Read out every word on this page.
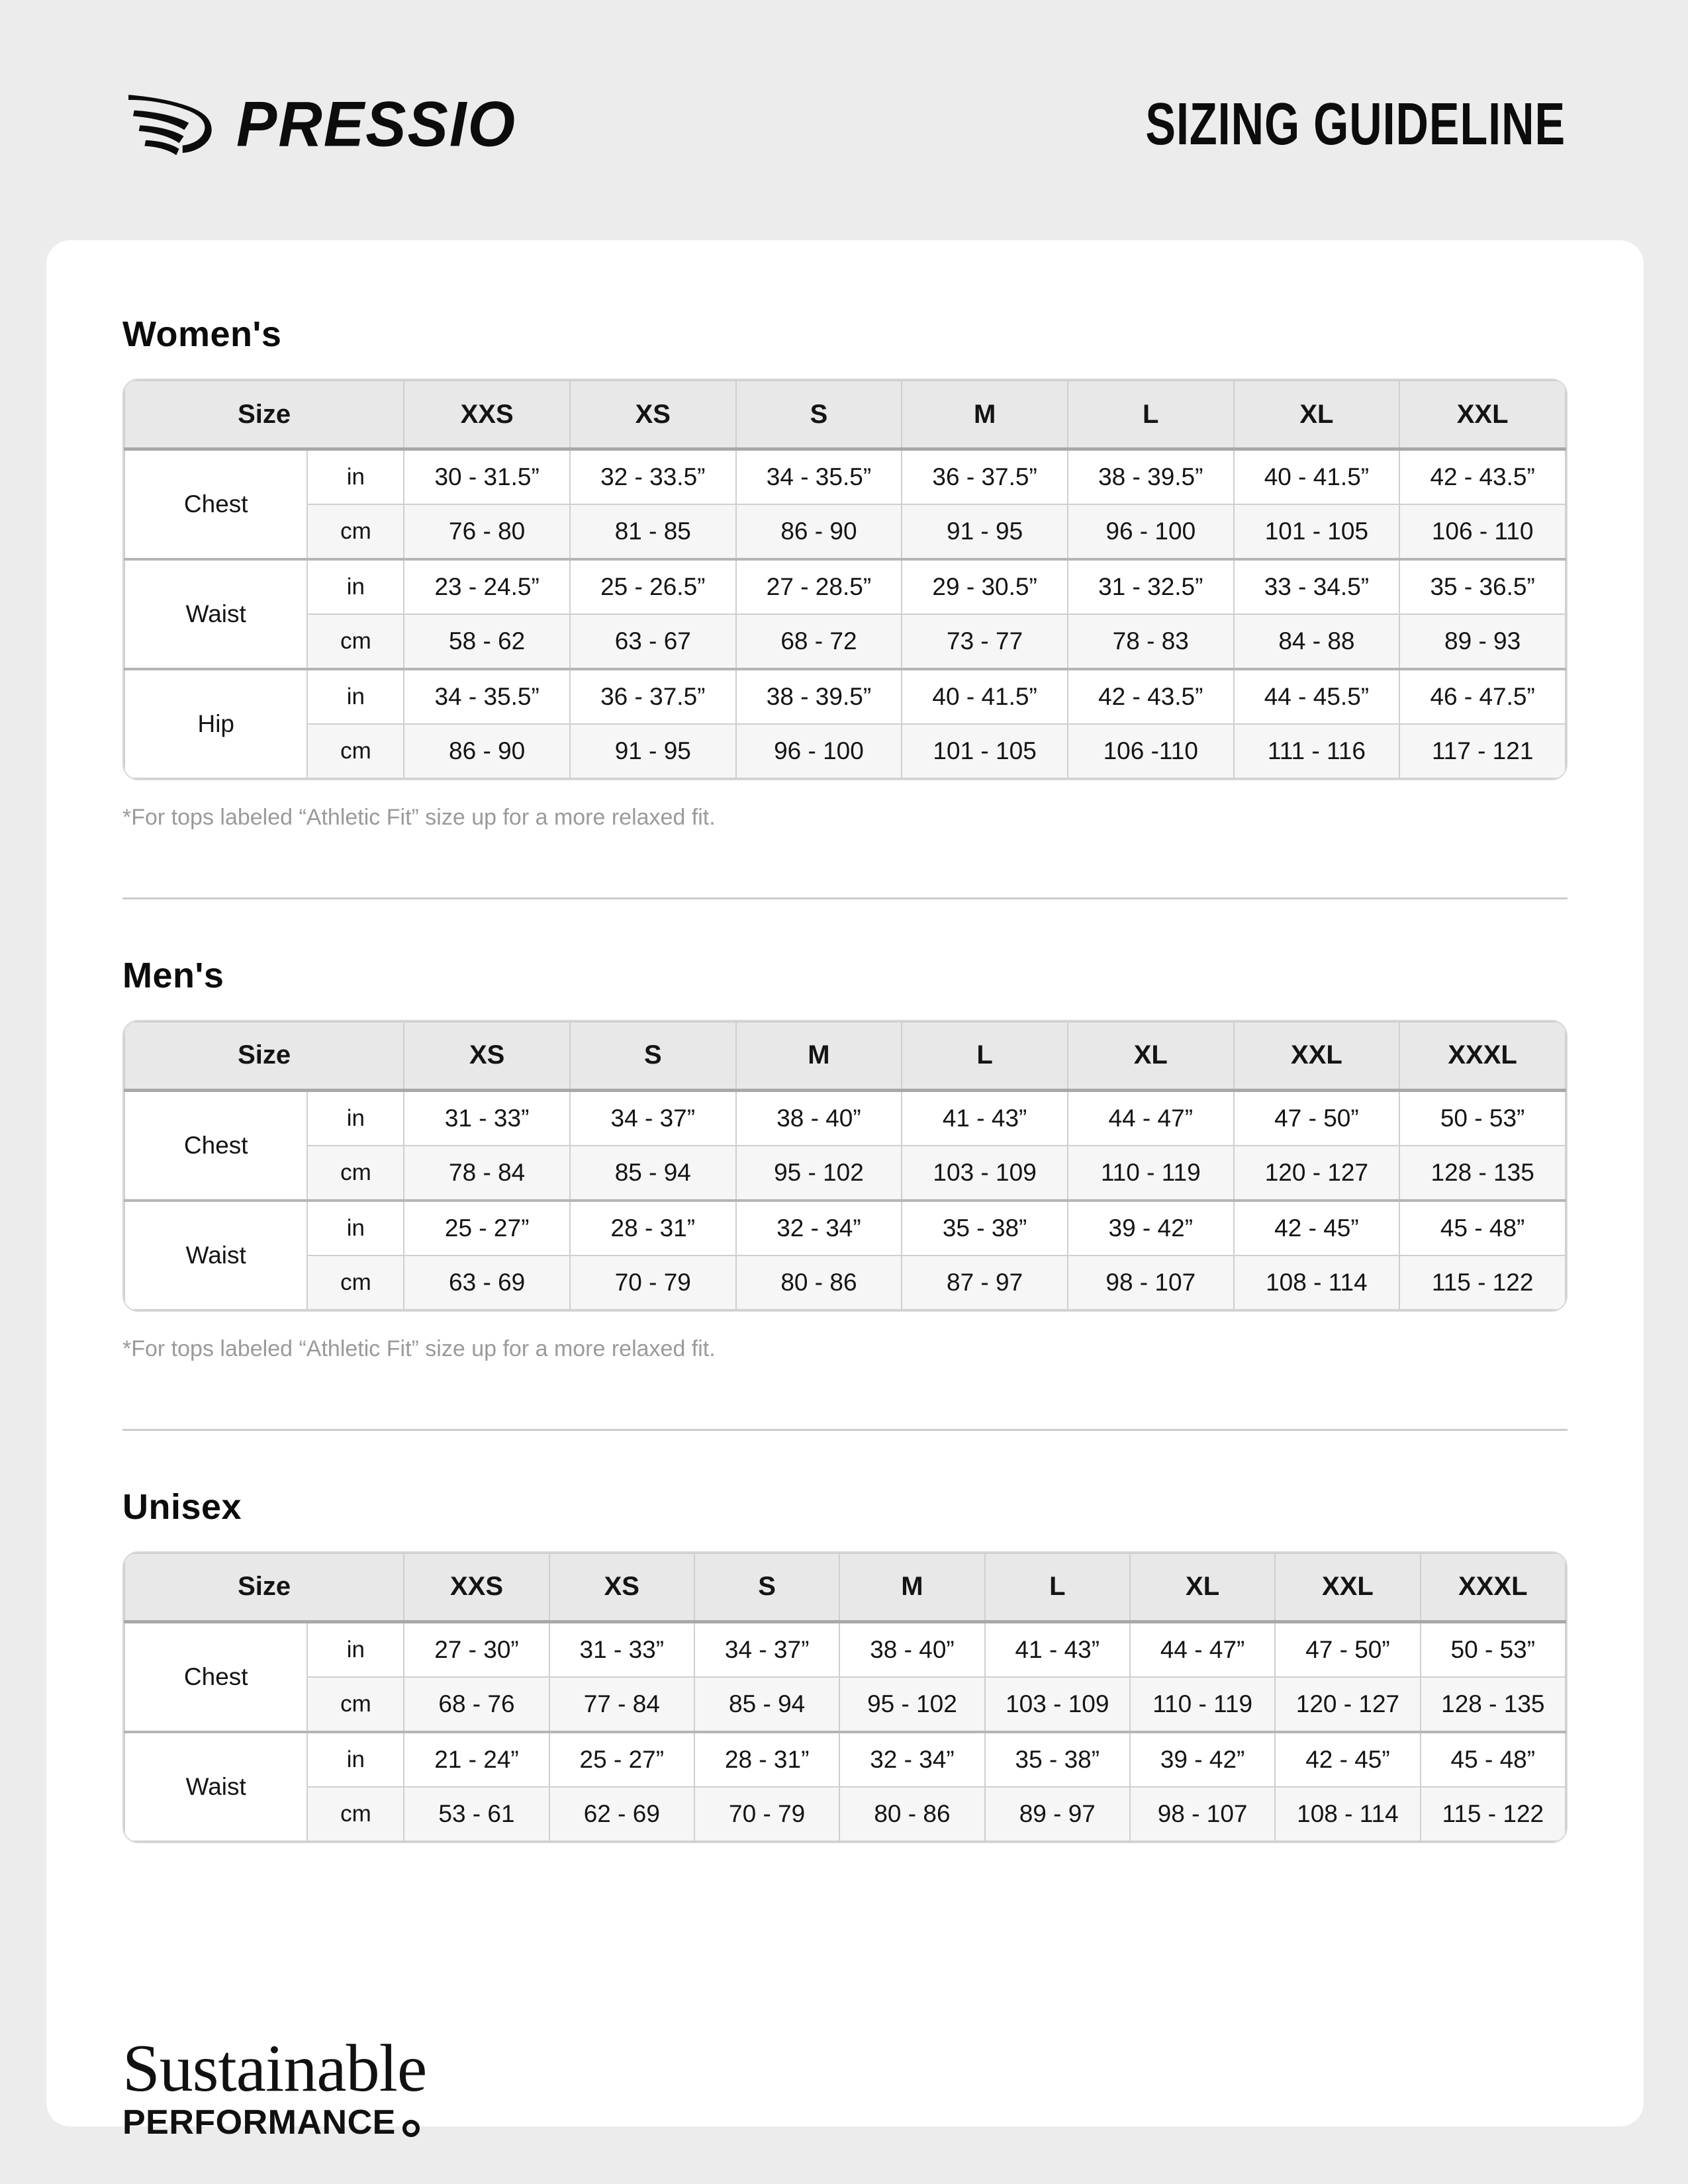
PRESSIO	SIZING GUIDELINE
Women's
Size		XXS	XS	S	M	L	XL	XXL
Chest	in	30 - 31.5”	32 - 33.5”	34 - 35.5”	36 - 37.5”	38 - 39.5”	40 - 41.5”	42 - 43.5”
	cm	76 - 80	81 - 85	86 - 90	91 - 95	96 - 100	101 - 105	106 - 110
Waist	in	23 - 24.5”	25 - 26.5”	27 - 28.5”	29 - 30.5”	31 - 32.5”	33 - 34.5”	35 - 36.5”
	cm	58 - 62	63 - 67	68 - 72	73 - 77	78 - 83	84 - 88	89 - 93
Hip	in	34 - 35.5”	36 - 37.5”	38 - 39.5”	40 - 41.5”	42 - 43.5”	44 - 45.5”	46 - 47.5”
	cm	86 - 90	91 - 95	96 - 100	101 - 105	106 -110	111 - 116	117 - 121

*For tops labeled “Athletic Fit” size up for a more relaxed fit.

Men's
Size		XS	S	M	L	XL	XXL	XXXL
Chest	in	31 - 33”	34 - 37”	38 - 40”	41 - 43”	44 - 47”	47 - 50”	50 - 53”
	cm	78 - 84	85 - 94	95 - 102	103 - 109	110 - 119	120 - 127	128 - 135
Waist	in	25 - 27”	28 - 31”	32 - 34”	35 - 38”	39 - 42”	42 - 45”	45 - 48”
	cm	63 - 69	70 - 79	80 - 86	87 - 97	98 - 107	108 - 114	115 - 122

*For tops labeled “Athletic Fit” size up for a more relaxed fit.

Unisex
Size		XXS	XS	S	M	L	XL	XXL	XXXL
Chest	in	27 - 30”	31 - 33”	34 - 37”	38 - 40”	41 - 43”	44 - 47”	47 - 50”	50 - 53”
	cm	68 - 76	77 - 84	85 - 94	95 - 102	103 - 109	110 - 119	120 - 127	128 - 135
Waist	in	21 - 24”	25 - 27”	28 - 31”	32 - 34”	35 - 38”	39 - 42”	42 - 45”	45 - 48”
	cm	53 - 61	62 - 69	70 - 79	80 - 86	89 - 97	98 - 107	108 - 114	115 - 122
Sustainable
PERFORMANCE
